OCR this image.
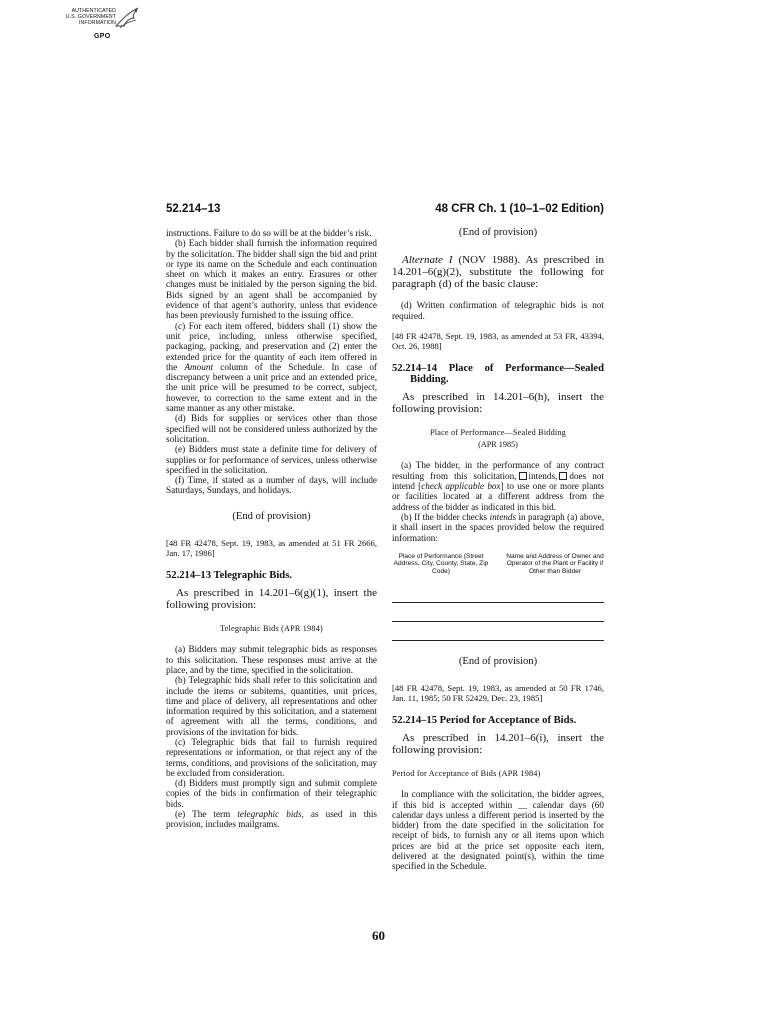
AUTHENTICATED
U.S. GOVERNMENT
INFORMATION
GPO
52.214–13	48 CFR Ch. 1 (10–1–02 Edition)

instructions. Failure to do so will be at the bidder’s risk.

(b) Each bidder shall furnish the information required by the solicitation. The bidder shall sign the bid and print or type its name on the Schedule and each continuation sheet on which it makes an entry. Erasures or other changes must be initialed by the person signing the bid. Bids signed by an agent shall be accompanied by evidence of that agent’s authority, unless that evidence has been previously furnished to the issuing office.

(c) For each item offered, bidders shall (1) show the unit price, including, unless otherwise specified, packaging, packing, and preservation and (2) enter the extended price for the quantity of each item offered in the Amount column of the Schedule. In case of discrepancy between a unit price and an extended price, the unit price will be presumed to be correct, subject, however, to correction to the same extent and in the same manner as any other mistake.

(d) Bids for supplies or services other than those specified will not be considered unless authorized by the solicitation.

(e) Bidders must state a definite time for delivery of supplies or for performance of services, unless otherwise specified in the solicitation.

(f) Time, if stated as a number of days, will include Saturdays, Sundays, and holidays.

(End of provision)

[48 FR 42478, Sept. 19, 1983, as amended at 51 FR 2666, Jan. 17, 1986]

52.214–13 Telegraphic Bids.

As prescribed in 14.201–6(g)(1), insert the following provision:

Telegraphic Bids (APR 1984)

(a) Bidders may submit telegraphic bids as responses to this solicitation. These responses must arrive at the place, and by the time, specified in the solicitation.

(b) Telegraphic bids shall refer to this solicitation and include the items or subitems, quantities, unit prices, time and place of delivery, all representations and other information required by this solicitation, and a statement of agreement with all the terms, conditions, and provisions of the invitation for bids.

(c) Telegraphic bids that fail to furnish required representations or information, or that reject any of the terms, conditions, and provisions of the solicitation, may be excluded from consideration.

(d) Bidders must promptly sign and submit complete copies of the bids in confirmation of their telegraphic bids.

(e) The term telegraphic bids, as used in this provision, includes mailgrams.

(End of provision)

Alternate I (NOV 1988). As prescribed in 14.201–6(g)(2), substitute the following for paragraph (d) of the basic clause:

(d) Written confirmation of telegraphic bids is not required.

[48 FR 42478, Sept. 19, 1983, as amended at 53 FR, 43394, Oct. 26, 1988]

52.214–14 Place of Performance—Sealed Bidding.

As prescribed in 14.201–6(h), insert the following provision:

Place of Performance—Sealed Bidding
(APR 1985)

(a) The bidder, in the performance of any contract resulting from this solicitation, intends, does not intend [check applicable box] to use one or more plants or facilities located at a different address from the address of the bidder as indicated in this bid.

(b) If the bidder checks intends in paragraph (a) above, it shall insert in the spaces provided below the required information:

Place of Performance (Street Address, City, County, State, Zip Code)
Name and Address of Owner and Operator of the Plant or Facility if Other than Bidder
(End of provision)

[48 FR 42478, Sept. 19, 1983, as amended at 50 FR 1746, Jan. 11, 1985; 50 FR 52429, Dec. 23, 1985]

52.214–15 Period for Acceptance of Bids.

As prescribed in 14.201–6(i), insert the following provision:

Period for Acceptance of Bids (APR 1984)

In compliance with the solicitation, the bidder agrees, if this bid is accepted within __ calendar days (60 calendar days unless a different period is inserted by the bidder) from the date specified in the solicitation for receipt of bids, to furnish any or all items upon which prices are bid at the price set opposite each item, delivered at the designated point(s), within the time specified in the Schedule.

60
